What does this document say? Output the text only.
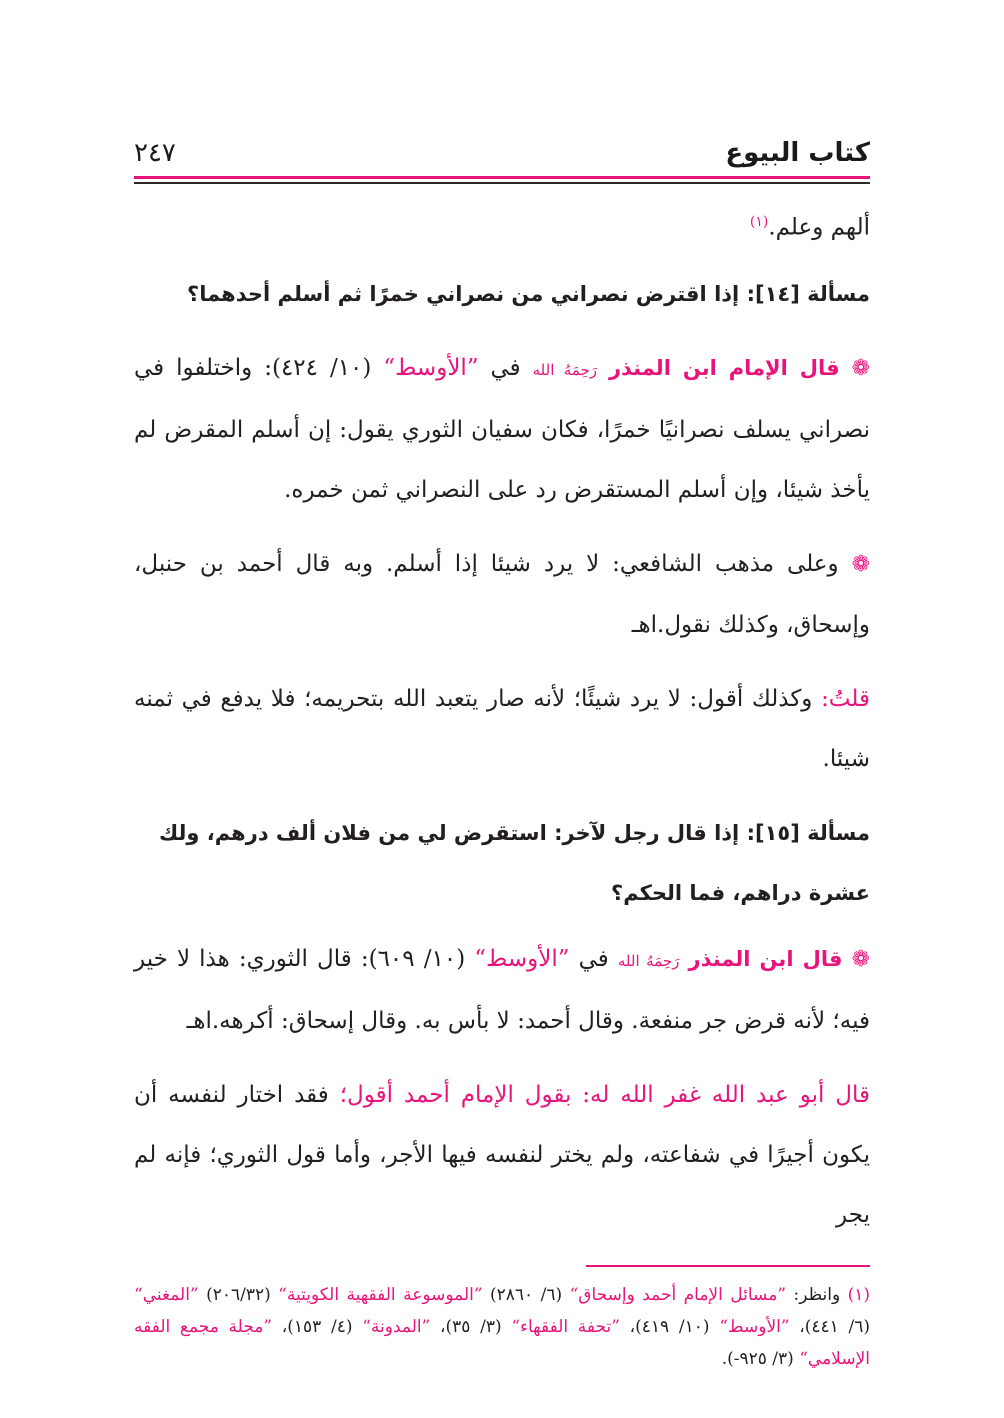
كتاب البيوع
٢٤٧

ألهم وعلم.$^{(١)}$

مسألة [١٤]: إذا اقترض نصراني من نصراني خمرًا ثم أسلم أحدهما؟

❁ قال الإمام ابن المنذر رَحِمَهُ الله في ”الأوسط“ (١٠/ ٤٢٤): واختلفوا في نصراني يسلف نصرانيًا خمرًا، فكان سفيان الثوري يقول: إن أسلم المقرض لم يأخذ شيئا، وإن أسلم المستقرض رد على النصراني ثمن خمره.

❁ وعلى مذهب الشافعي: لا يرد شيئا إذا أسلم. وبه قال أحمد بن حنبل، وإسحاق، وكذلك نقول.اهـ

قلتُ: وكذلك أقول: لا يرد شيئًا؛ لأنه صار يتعبد الله بتحريمه؛ فلا يدفع في ثمنه شيئا.

مسألة [١٥]: إذا قال رجل لآخر: استقرض لي من فلان ألف درهم، ولك عشرة دراهم، فما الحكم؟

❁ قال ابن المنذر رَحِمَهُ الله في ”الأوسط“ (١٠/ ٦٠٩): قال الثوري: هذا لا خير فيه؛ لأنه قرض جر منفعة. وقال أحمد: لا بأس به. وقال إسحاق: أكرهه.اهـ

قال أبو عبد الله غفر الله له: بقول الإمام أحمد أقول؛ فقد اختار لنفسه أن يكون أجيرًا في شفاعته، ولم يختر لنفسه فيها الأجر، وأما قول الثوري؛ فإنه لم يجر

(١) وانظر: ”مسائل الإمام أحمد وإسحاق“ (٦/ ٢٨٦٠) ”الموسوعة الفقهية الكويتية“ (٢٠٦/٣٢) ”المغني“ (٦/ ٤٤١)، ”الأوسط“ (١٠/ ٤١٩)، ”تحفة الفقهاء“ (٣/ ٣٥)، ”المدونة“ (٤/ ١٥٣)، ”مجلة مجمع الفقه الإسلامي“ (٣/ ٩٢٥-).
